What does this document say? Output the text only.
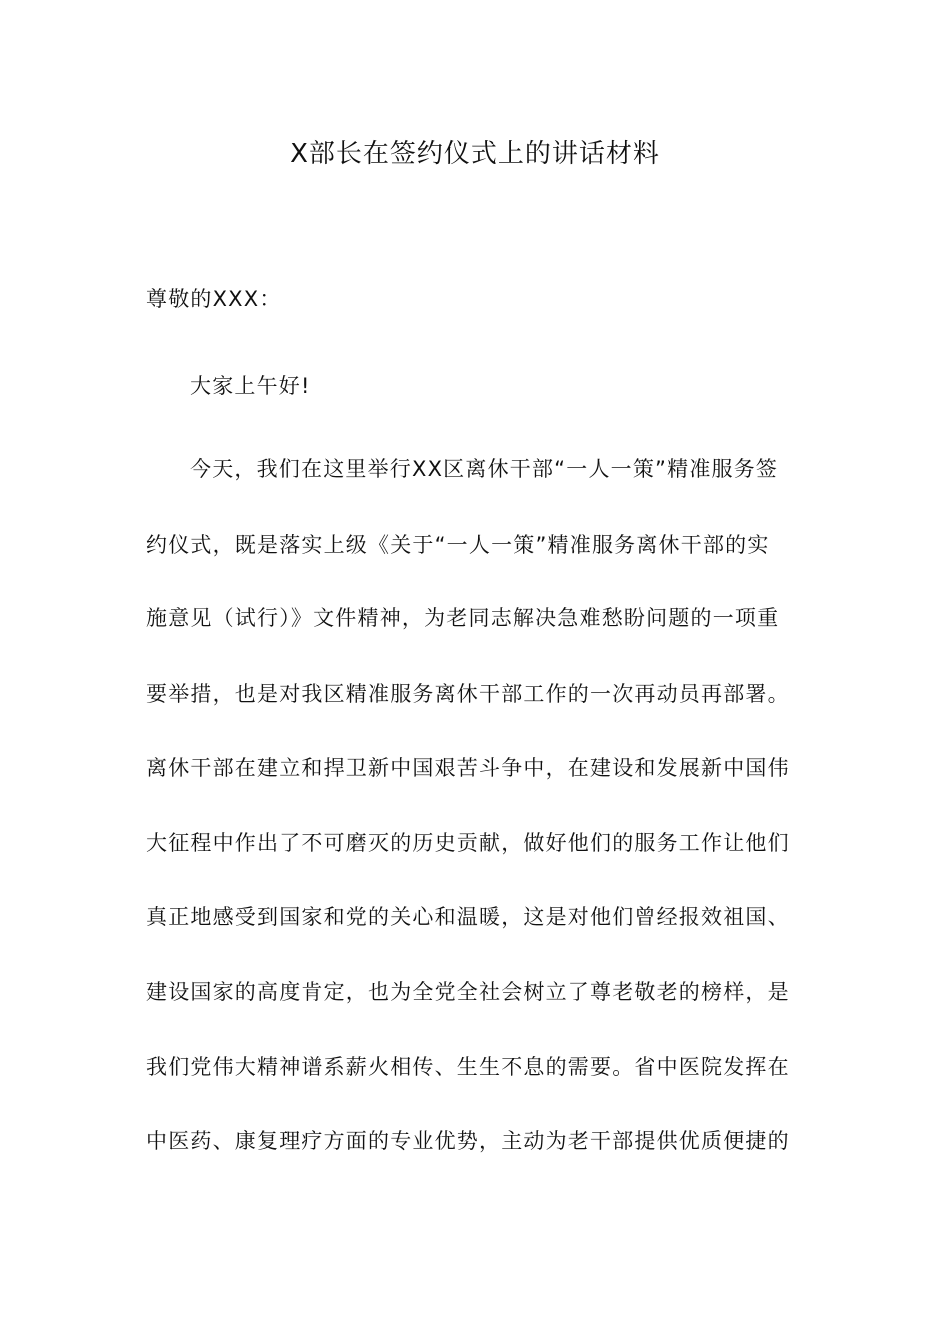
X部长在签约仪式上的讲话材料
尊敬的XXX：
大家上午好!
今天，我们在这里举行XX区离休干部“一人一策”精准服务签
约仪式，既是落实上级《关于“一人一策”精准服务离休干部的实
施意见（试行）》文件精神，为老同志解决急难愁盼问题的一项重
要举措，也是对我区精准服务离休干部工作的一次再动员再部署。
离休干部在建立和捍卫新中国艰苦斗争中，在建设和发展新中国伟
大征程中作出了不可磨灭的历史贡献，做好他们的服务工作让他们
真正地感受到国家和党的关心和温暖，这是对他们曾经报效祖国、
建设国家的高度肯定，也为全党全社会树立了尊老敬老的榜样，是
我们党伟大精神谱系薪火相传、生生不息的需要。省中医院发挥在
中医药、康复理疗方面的专业优势，主动为老干部提供优质便捷的
